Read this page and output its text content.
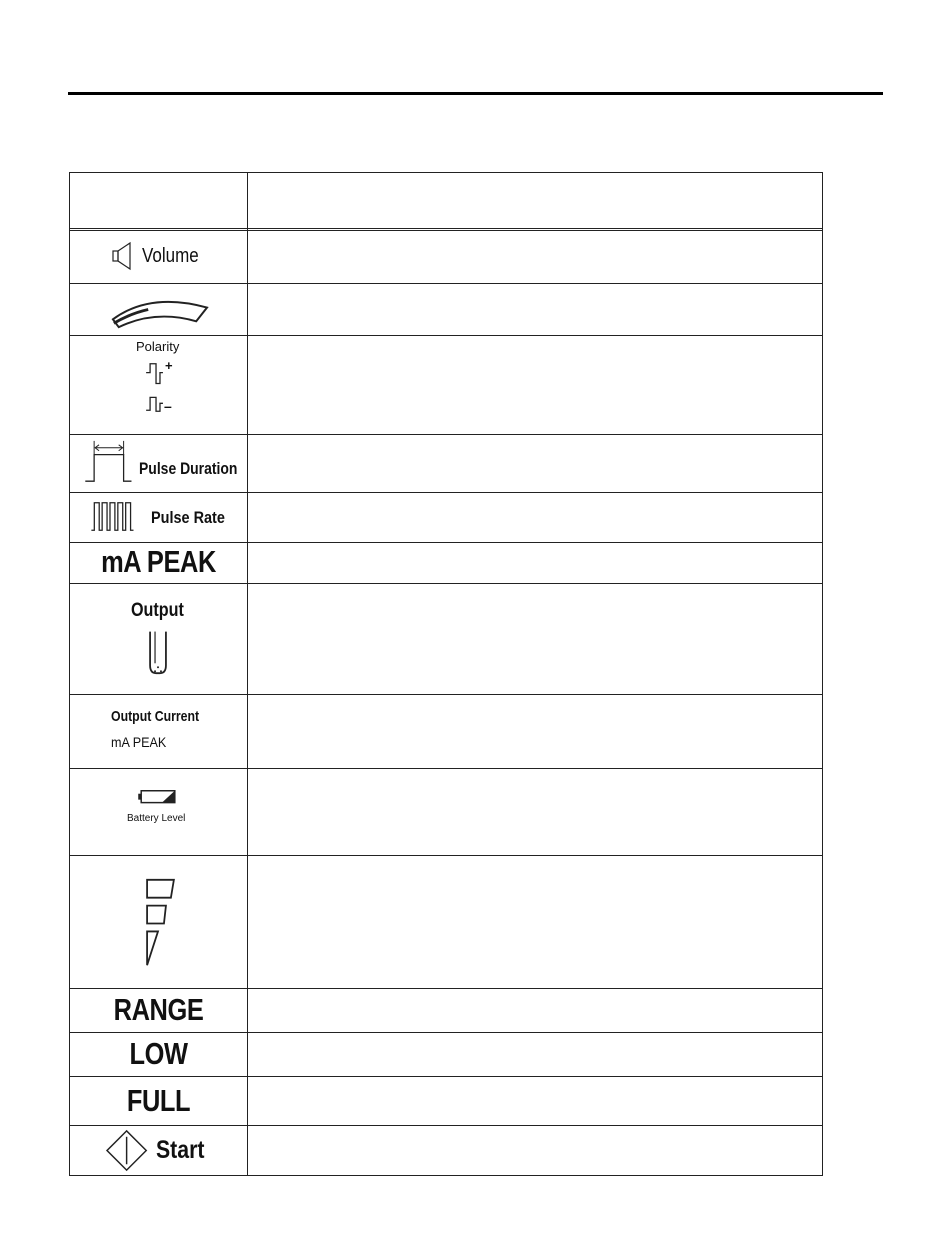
Volume
Polarity
+
–
Pulse Duration
Pulse Rate
mA PEAK
Output
Output Current
mA PEAK
Battery Level
RANGE
LOW
FULL
Start
